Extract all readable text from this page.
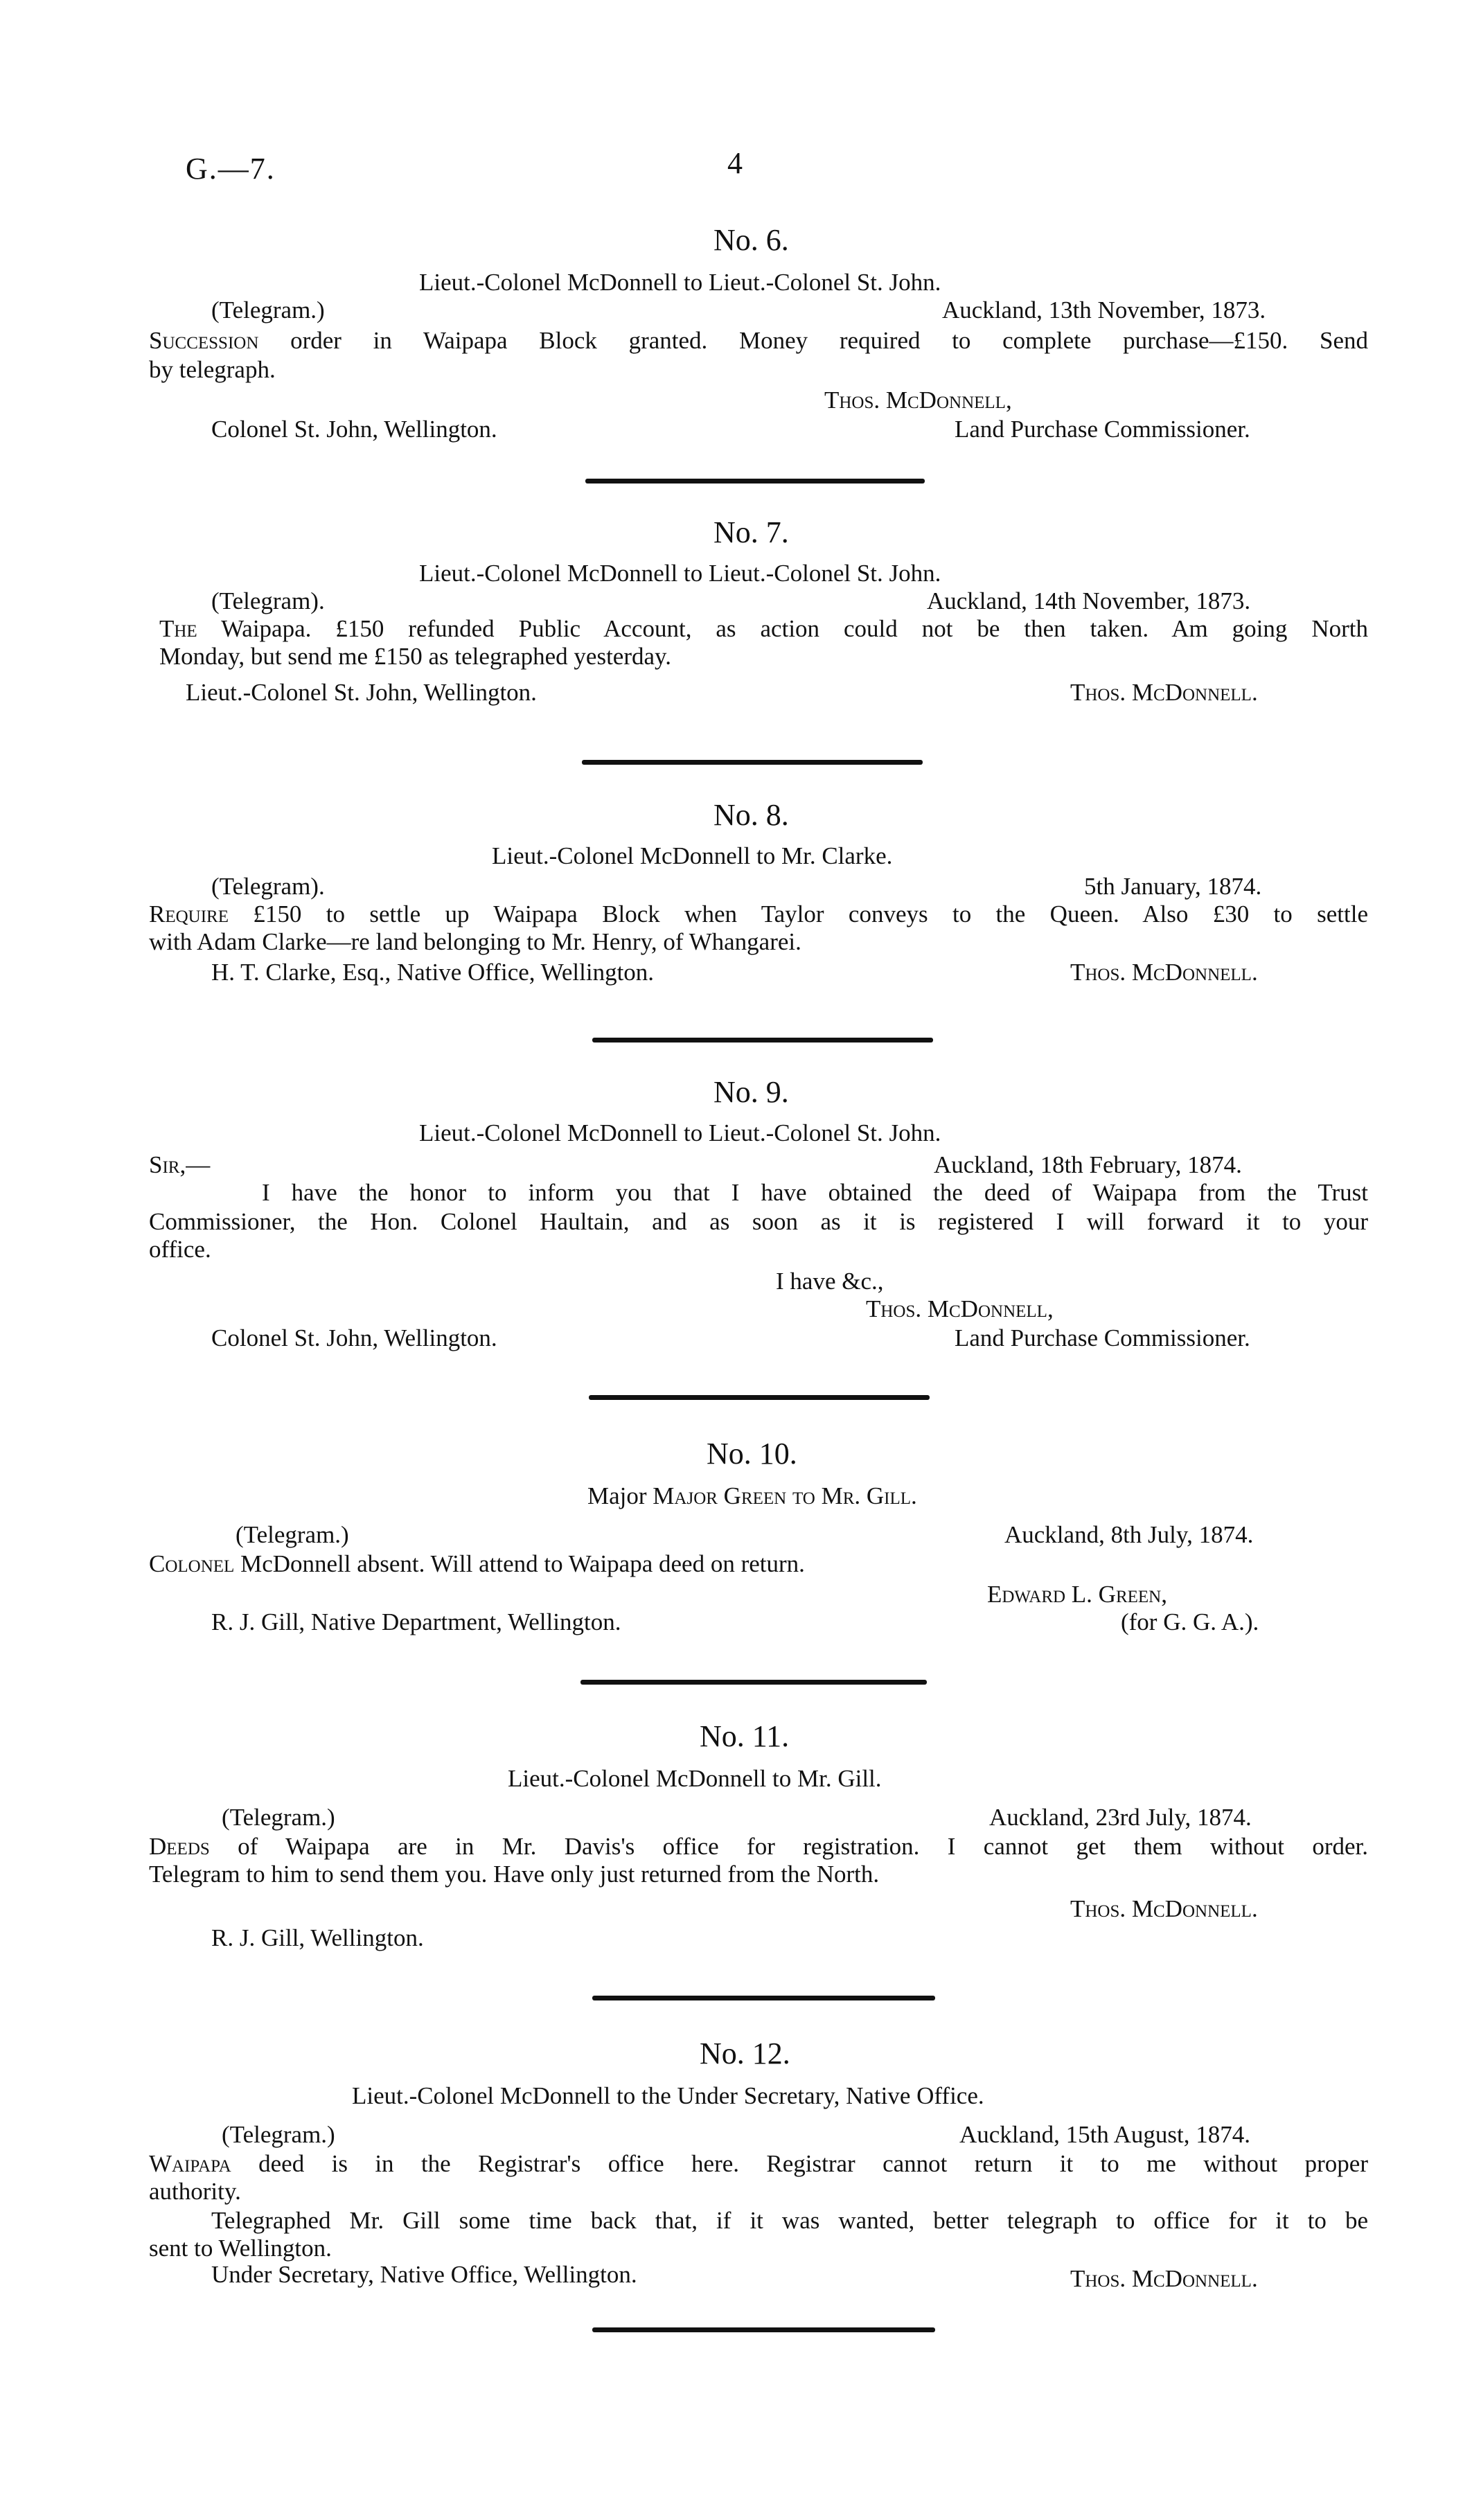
G.—7.	4
No. 6.
Lieut.-Colonel McDonnell to Lieut.-Colonel St. John.
(Telegram.)	Auckland, 13th November, 1873.
Succession order in Waipapa Block granted. Money required to complete purchase—£150. Send
by telegraph.
Thos. McDonnell,
Colonel St. John, Wellington.	Land Purchase Commissioner.
No. 7.
Lieut.-Colonel McDonnell to Lieut.-Colonel St. John.
(Telegram).	Auckland, 14th November, 1873.
The Waipapa. £150 refunded Public Account, as action could not be then taken. Am going North
Monday, but send me £150 as telegraphed yesterday.
Lieut.-Colonel St. John, Wellington.	Thos. McDonnell.
No. 8.
Lieut.-Colonel McDonnell to Mr. Clarke.
(Telegram).	5th January, 1874.
Require £150 to settle up Waipapa Block when Taylor conveys to the Queen. Also £30 to settle
with Adam Clarke—re land belonging to Mr. Henry, of Whangarei.
H. T. Clarke, Esq., Native Office, Wellington.	Thos. McDonnell.
No. 9.
Lieut.-Colonel McDonnell to Lieut.-Colonel St. John.
Sir,—	Auckland, 18th February, 1874.
I have the honor to inform you that I have obtained the deed of Waipapa from the Trust
Commissioner, the Hon. Colonel Haultain, and as soon as it is registered I will forward it to your
office.
I have &c.,
Thos. McDonnell,
Colonel St. John, Wellington.	Land Purchase Commissioner.
No. 10.
Major Major Green to Mr. Gill.
(Telegram.)	Auckland, 8th July, 1874.
Colonel McDonnell absent. Will attend to Waipapa deed on return.
Edward L. Green,
R. J. Gill, Native Department, Wellington.	(for G. G. A.).
No. 11.
Lieut.-Colonel McDonnell to Mr. Gill.
(Telegram.)	Auckland, 23rd July, 1874.
Deeds of Waipapa are in Mr. Davis's office for registration. I cannot get them without order.
Telegram to him to send them you. Have only just returned from the North.
Thos. McDonnell.
R. J. Gill, Wellington.
No. 12.
Lieut.-Colonel McDonnell to the Under Secretary, Native Office.
(Telegram.)	Auckland, 15th August, 1874.
Waipapa deed is in the Registrar's office here. Registrar cannot return it to me without proper
authority.
Telegraphed Mr. Gill some time back that, if it was wanted, better telegraph to office for it to be
sent to Wellington.
Under Secretary, Native Office, Wellington.	Thos. McDonnell.
